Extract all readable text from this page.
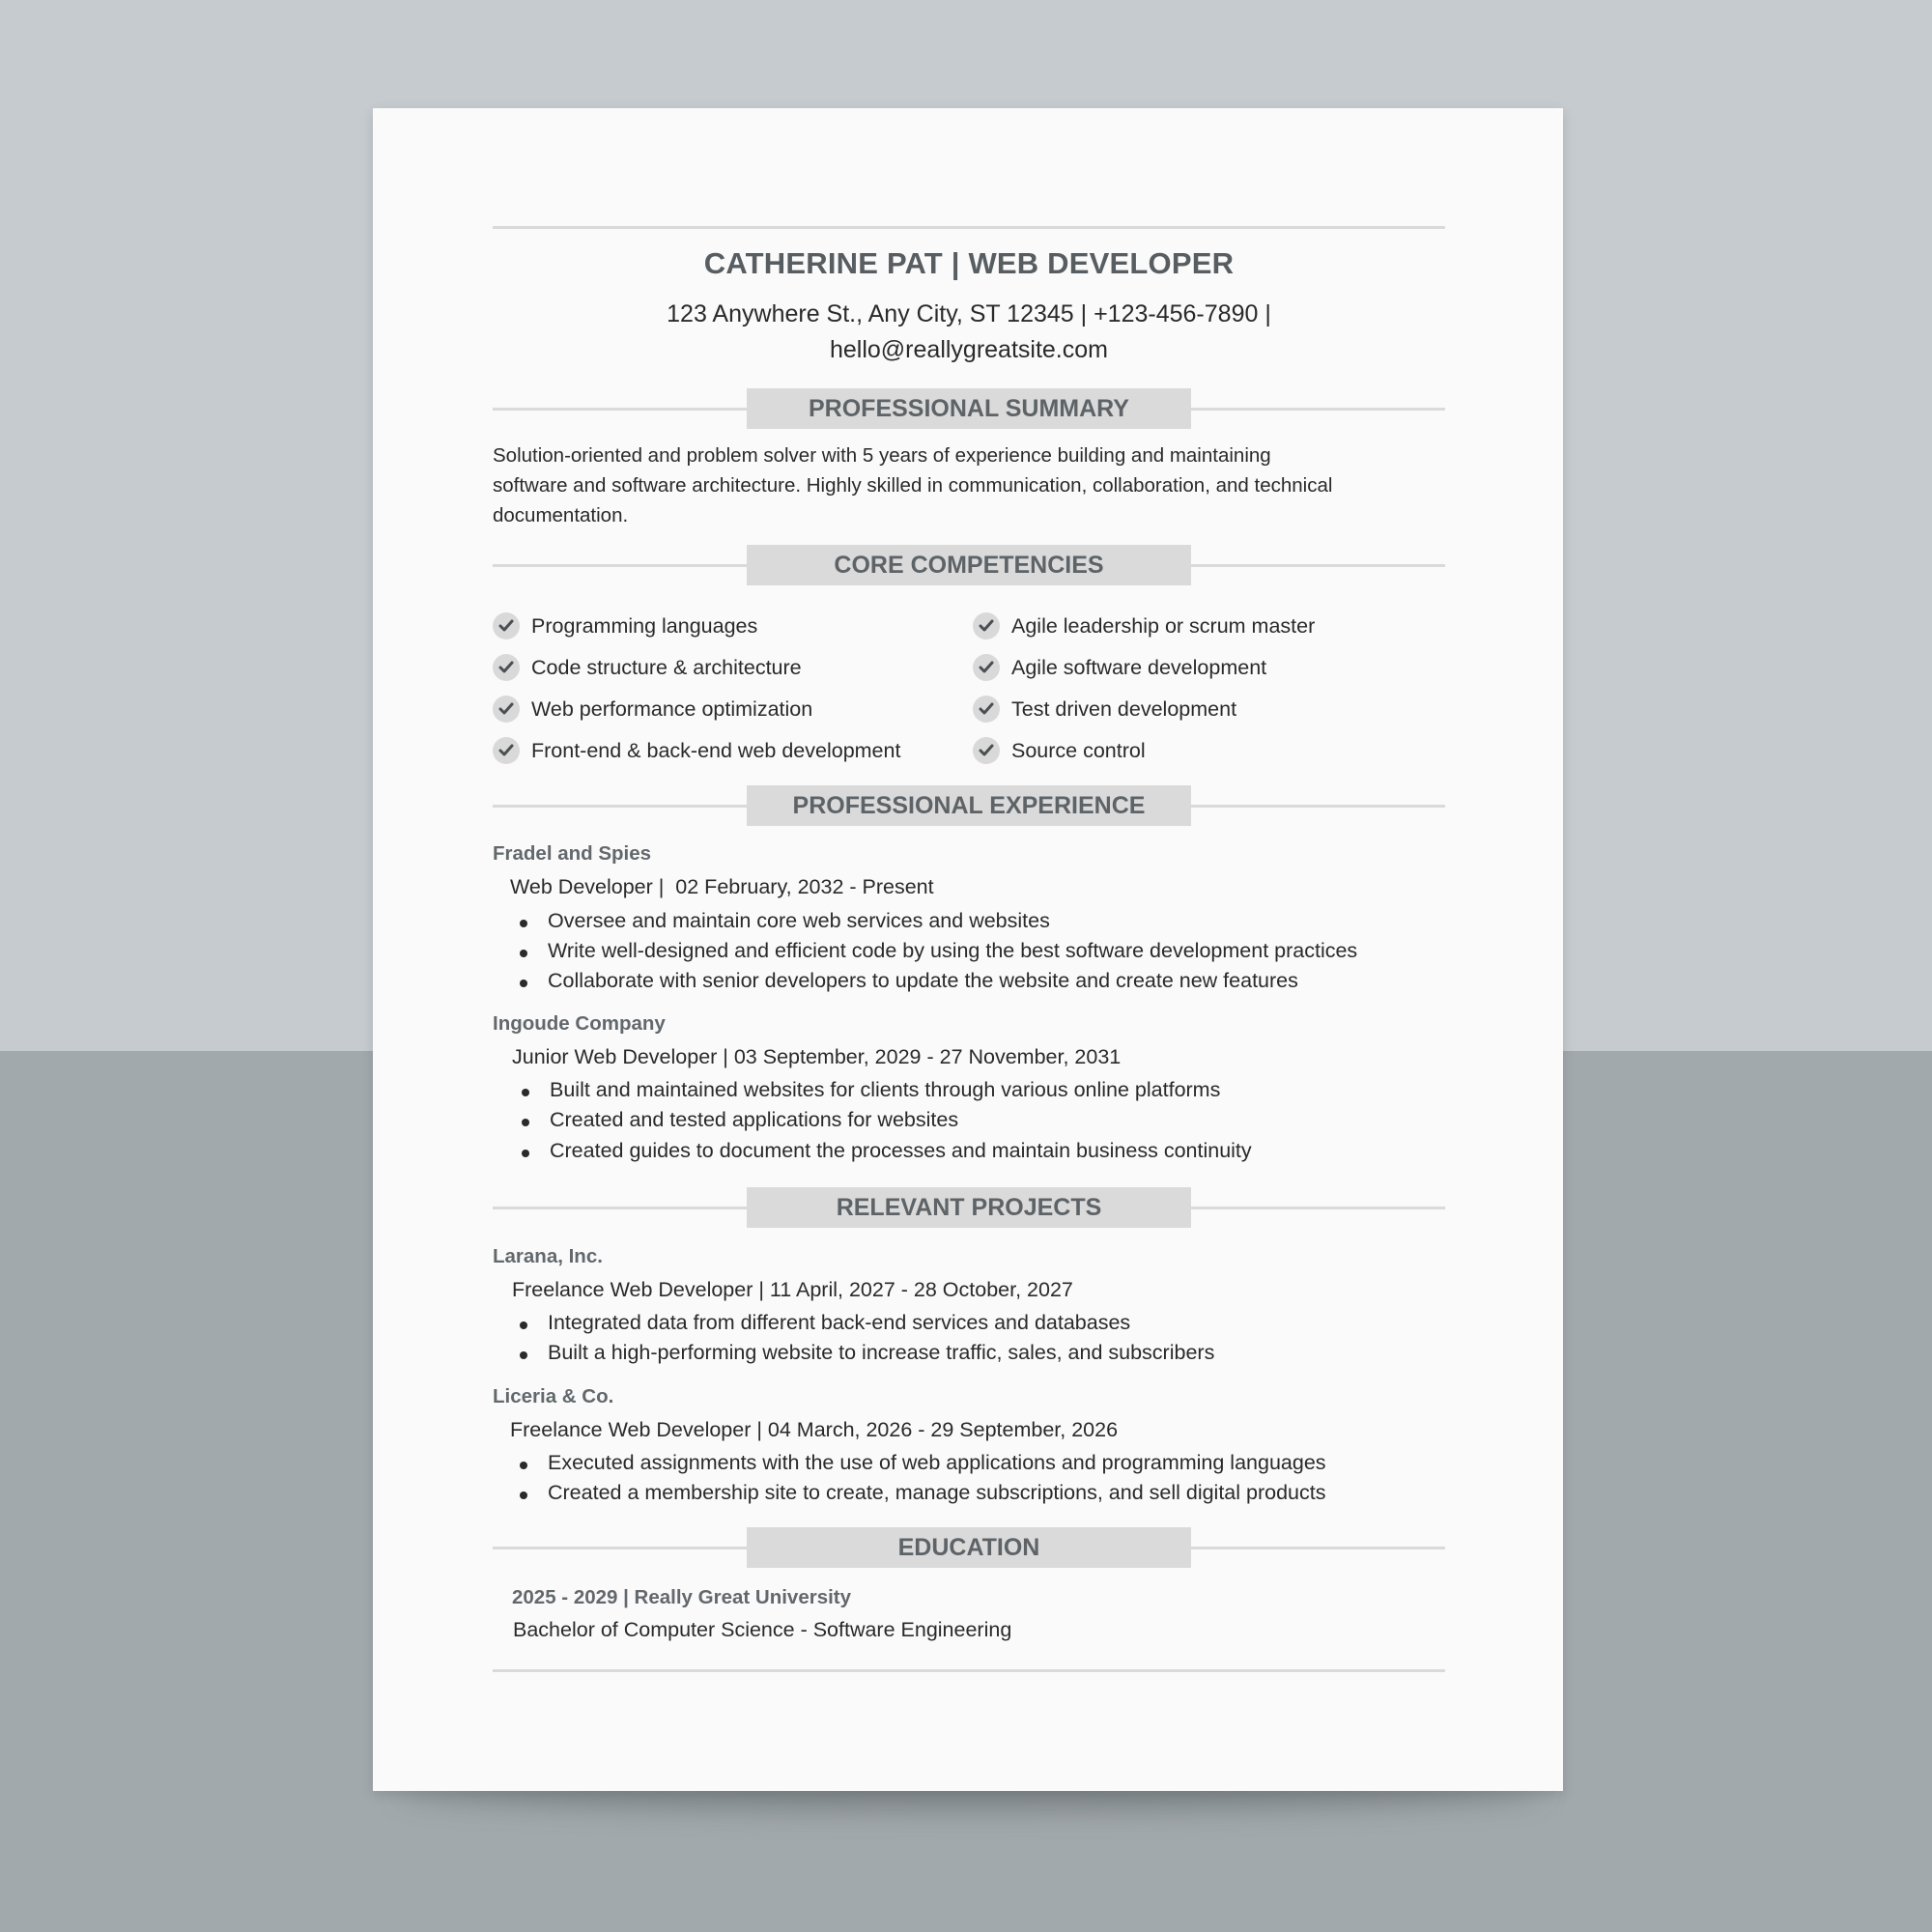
CATHERINE PAT | WEB DEVELOPER
123 Anywhere St., Any City, ST 12345 | +123-456-7890 |
hello@reallygreatsite.com
PROFESSIONAL SUMMARY
Solution-oriented and problem solver with 5 years of experience building and maintaining
software and software architecture. Highly skilled in communication, collaboration, and technical
documentation.
CORE COMPETENCIES
Programming languages
Code structure & architecture
Web performance optimization
Front-end & back-end web development
Agile leadership or scrum master
Agile software development
Test driven development
Source control
PROFESSIONAL EXPERIENCE
Fradel and Spies
Web Developer |  02 February, 2032 - Present
Oversee and maintain core web services and websites
Write well-designed and efficient code by using the best software development practices
Collaborate with senior developers to update the website and create new features
Ingoude Company
Junior Web Developer | 03 September, 2029 - 27 November, 2031
Built and maintained websites for clients through various online platforms
Created and tested applications for websites
Created guides to document the processes and maintain business continuity
RELEVANT PROJECTS
Larana, Inc.
Freelance Web Developer | 11 April, 2027 - 28 October, 2027
Integrated data from different back-end services and databases
Built a high-performing website to increase traffic, sales, and subscribers
Liceria & Co.
Freelance Web Developer | 04 March, 2026 - 29 September, 2026
Executed assignments with the use of web applications and programming languages
Created a membership site to create, manage subscriptions, and sell digital products
EDUCATION
2025 - 2029 | Really Great University
Bachelor of Computer Science - Software Engineering
